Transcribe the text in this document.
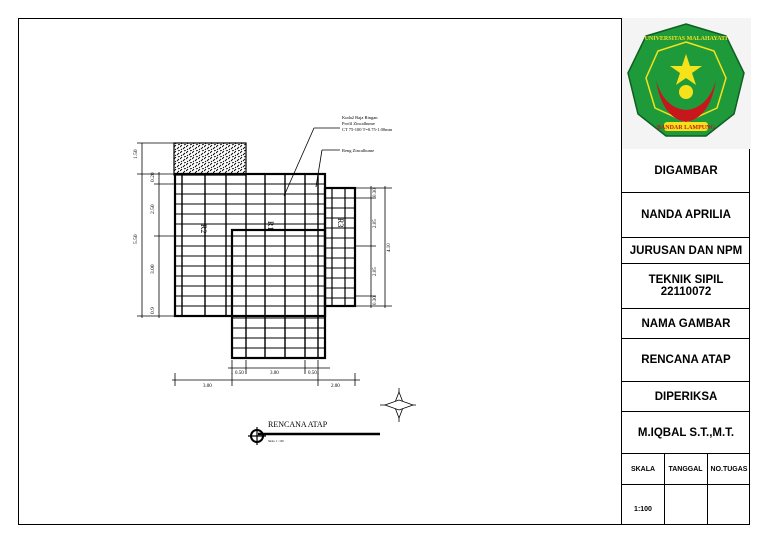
R2	R1	R3
Kuda2 Baja Ringan
Profil Zincalhume
CT 75-100 T=0.75-1.00mm
Reng Zincalhume
1.50
0.20
2.50
5.50
3.00
0.9
0.30
2.05
2.05
4.10
0.30
0.50	3.00	0.50
3.00	2.00
RENCANA ATAP
Skala 1 : 100
UNIVERSITAS MALAHAYATI
BANDAR LAMPUNG
DIGAMBAR
NANDA APRILIA
JURUSAN DAN NPM
TEKNIK SIPIL
22110072
NAMA GAMBAR
RENCANA ATAP
DIPERIKSA
M.IQBAL S.T.,M.T.
SKALA	TANGGAL	NO.TUGAS
1:100
